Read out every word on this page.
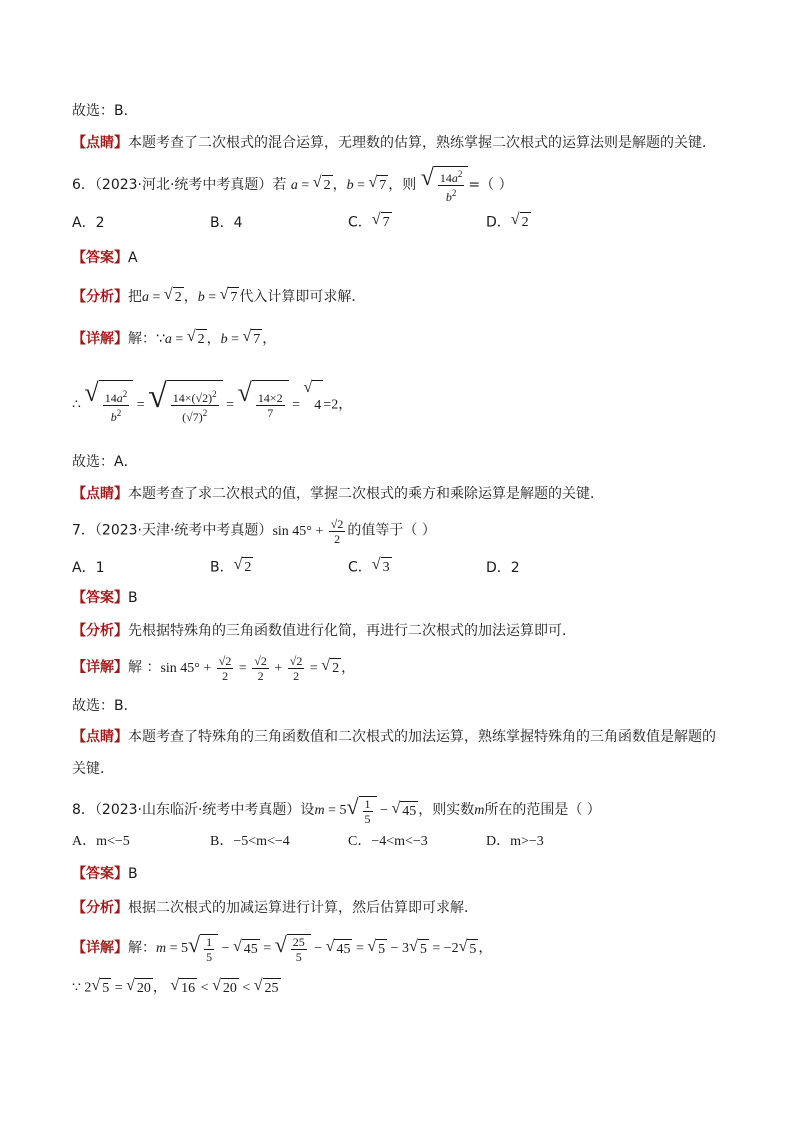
故选：B．
【点睛】本题考查了二次根式的混合运算，无理数的估算，熟练掌握二次根式的运算法则是解题的关键．
6．（2023·河北·统考中考真题）若 a = √ 2 ，b = √ 7 ，则 √ $\frac{14a^2}{b^2}$ =（ ）
A．2	B．4	C． √ 7	D． √ 2
【答案】A
【分析】把a = √ 2 ，b = √ 7 代入计算即可求解．
【详解】解：∵a = √ 2 ，b = √ 7 ，
∴ √ $\frac{14a^2}{b^2}$ = √ $\frac{14\times(√2)^2}{(√7)^2}$ = √ $\frac{14\times 2}{7}$ =
√
4 =2，
故选：A．
【点睛】本题考查了求二次根式的值，掌握二次根式的乘方和乘除运算是解题的关键．
7．（2023·天津·统考中考真题）sin $45^\circ + \frac{√2}{2}$ 的值等于（ ）
A．1	B． √ 2	C． √ 3	D．2
【答案】B
【分析】先根据特殊角的三角函数值进行化简，再进行二次根式的加法运算即可．
【详解】解 ：$\sin 45^\circ + \frac{√2}{2} = \frac{√2}{2} + \frac{√2}{2}$ = √ 2 ，
故选：B．
【点睛】本题考查了特殊角的三角函数值和二次根式的加法运算，熟练掌握特殊角的三角函数值是解题的
关键．
8．（2023·山东临沂·统考中考真题）设m = 5 √ $\frac{1}{5}$ − √ 45 ，则实数m所在的范围是（ ）
A．m<−5	B．−5<m<−4	C．−4<m<−3	D．m>−3
【答案】B
【分析】根据二次根式的加减运算进行计算，然后估算即可求解．
【详解】解：m = 5 √ $\frac{1}{5}$ − √ 45 = √ $\frac{25}{5}$ − √ 45 = √ 5 − 3 √ 5 = −2 √ 5 ，
∵ 2 √ 5 = √ 20 ， √ 16 < √ 20 < √ 25
